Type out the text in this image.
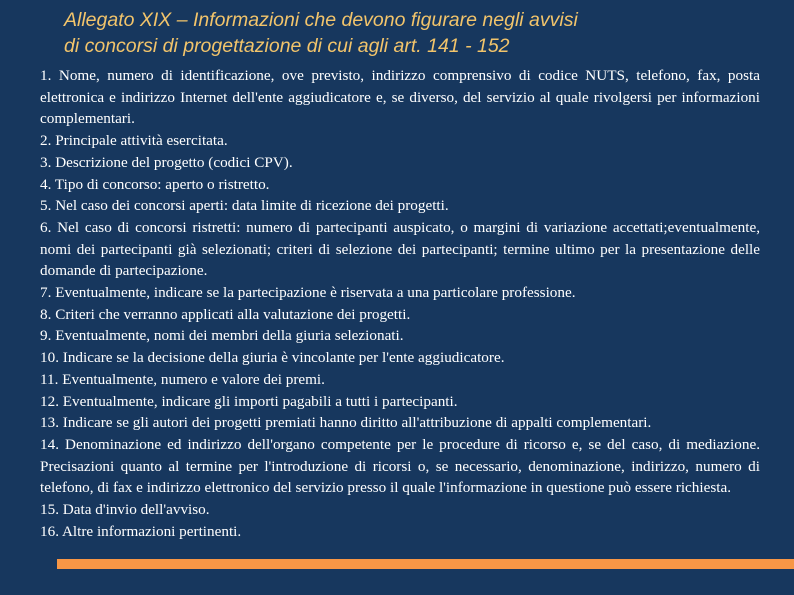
Allegato XIX – Informazioni che devono figurare negli avvisi
di concorsi di progettazione di cui agli art. 141 - 152

1. Nome, numero di identificazione, ove previsto, indirizzo comprensivo di codice NUTS, telefono, fax, posta elettronica e indirizzo Internet dell'ente aggiudicatore e, se diverso, del servizio al quale rivolgersi per informazioni complementari.

2. Principale attività esercitata.

3. Descrizione del progetto (codici CPV).

4. Tipo di concorso: aperto o ristretto.

5. Nel caso dei concorsi aperti: data limite di ricezione dei progetti.

6. Nel caso di concorsi ristretti: numero di partecipanti auspicato, o margini di variazione accettati;eventualmente, nomi dei partecipanti già selezionati; criteri di selezione dei partecipanti; termine ultimo per la presentazione delle domande di partecipazione.

7. Eventualmente, indicare se la partecipazione è riservata a una particolare professione.

8. Criteri che verranno applicati alla valutazione dei progetti.

9. Eventualmente, nomi dei membri della giuria selezionati.

10. Indicare se la decisione della giuria è vincolante per l'ente aggiudicatore.

11. Eventualmente, numero e valore dei premi.

12. Eventualmente, indicare gli importi pagabili a tutti i partecipanti.

13. Indicare se gli autori dei progetti premiati hanno diritto all'attribuzione di appalti complementari.

14. Denominazione ed indirizzo dell'organo competente per le procedure di ricorso e, se del caso, di mediazione. Precisazioni quanto al termine per l'introduzione di ricorsi o, se necessario, denominazione, indirizzo, numero di telefono, di fax e indirizzo elettronico del servizio presso il quale l'informazione in questione può essere richiesta.

15. Data d'invio dell'avviso.

16. Altre informazioni pertinenti.
